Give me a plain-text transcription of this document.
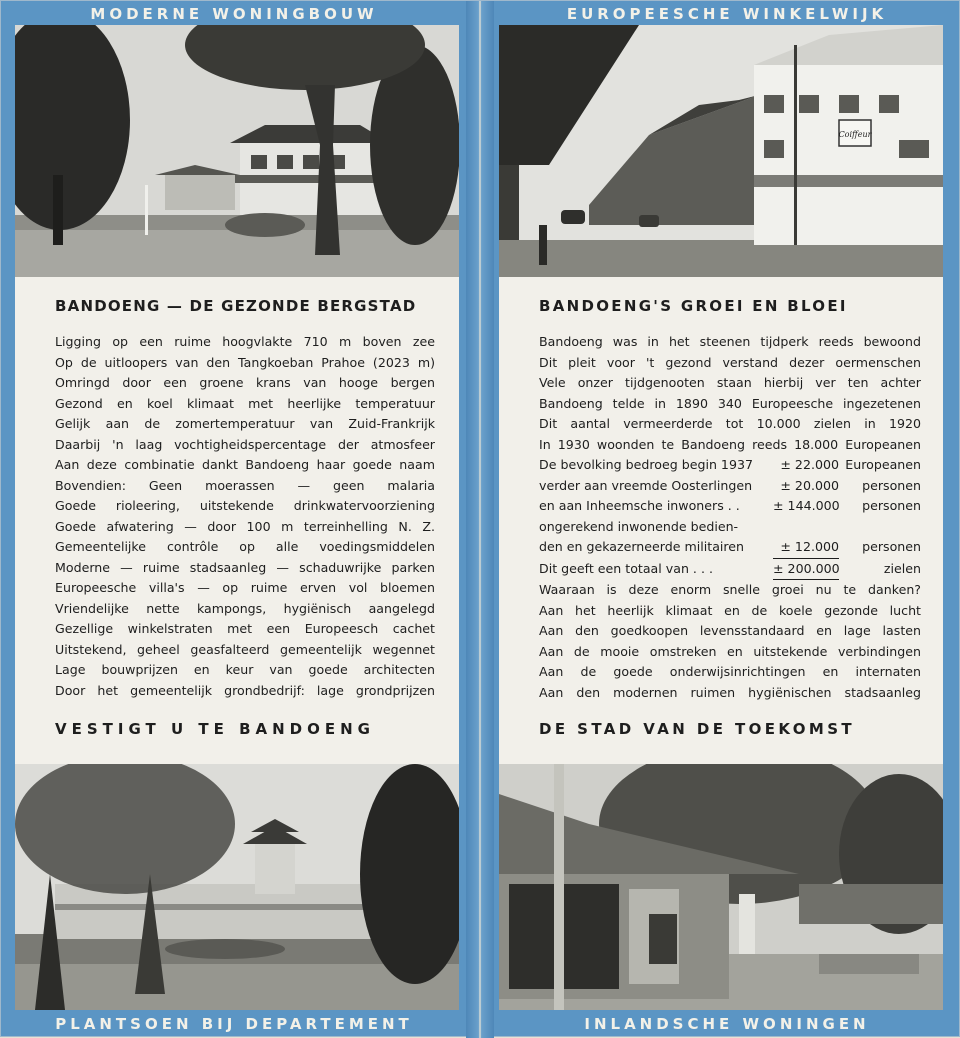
MODERNE WONINGBOUW
BANDOENG — DE GEZONDE BERGSTAD
Ligging op een ruime hoogvlakte 710 m boven zee
Op de uitloopers van den Tangkoeban Prahoe (2023 m)
Omringd door een groene krans van hooge bergen
Gezond en koel klimaat met heerlijke temperatuur
Gelijk aan de zomertemperatuur van Zuid-Frankrijk
Daarbij 'n laag vochtigheidspercentage der atmosfeer
Aan deze combinatie dankt Bandoeng haar goede naam
Bovendien: Geen moerassen — geen malaria
Goede rioleering, uitstekende drinkwatervoorziening
Goede afwatering — door 100 m terreinhelling N. Z.
Gemeentelijke contrôle op alle voedingsmiddelen
Moderne — ruime stadsaanleg — schaduwrijke parken
Europeesche villa's — op ruime erven vol bloemen
Vriendelijke nette kampongs, hygiënisch aangelegd
Gezellige winkelstraten met een Europeesch cachet
Uitstekend, geheel geasfalteerd gemeentelijk wegennet
Lage bouwprijzen en keur van goede architecten
Door het gemeentelijk grondbedrijf: lage grondprijzen
VESTIGT U TE BANDOENG
PLANTSOEN BIJ DEPARTEMENT
EUROPEESCHE WINKELWIJK
Coiffeur
BANDOENG'S GROEI EN BLOEI
Bandoeng was in het steenen tijdperk reeds bewoond
Dit pleit voor 't gezond verstand dezer oermenschen
Vele onzer tijdgenooten staan hierbij ver ten achter
Bandoeng telde in 1890 340 Europeesche ingezetenen
Dit aantal vermeerderde tot 10.000 zielen in 1920
In 1930 woonden te Bandoeng reeds 18.000 Europeanen
De bevolking bedroeg begin 1937	± 22.000 Europeanen
verder aan vreemde Oosterlingen	± 20.000	personen
en aan Inheemsche inwoners . .	± 144.000	personen
ongerekend inwonende bedien-
den en gekazerneerde militairen	± 12.000	personen
Dit geeft een totaal van . . .	± 200.000	zielen
Waaraan is deze enorm snelle groei nu te danken?
Aan het heerlijk klimaat en de koele gezonde lucht
Aan den goedkoopen levensstandaard en lage lasten
Aan de mooie omstreken en uitstekende verbindingen
Aan de goede onderwijsinrichtingen en internaten
Aan den modernen ruimen hygiënischen stadsaanleg
DE STAD VAN DE TOEKOMST
INLANDSCHE WONINGEN
